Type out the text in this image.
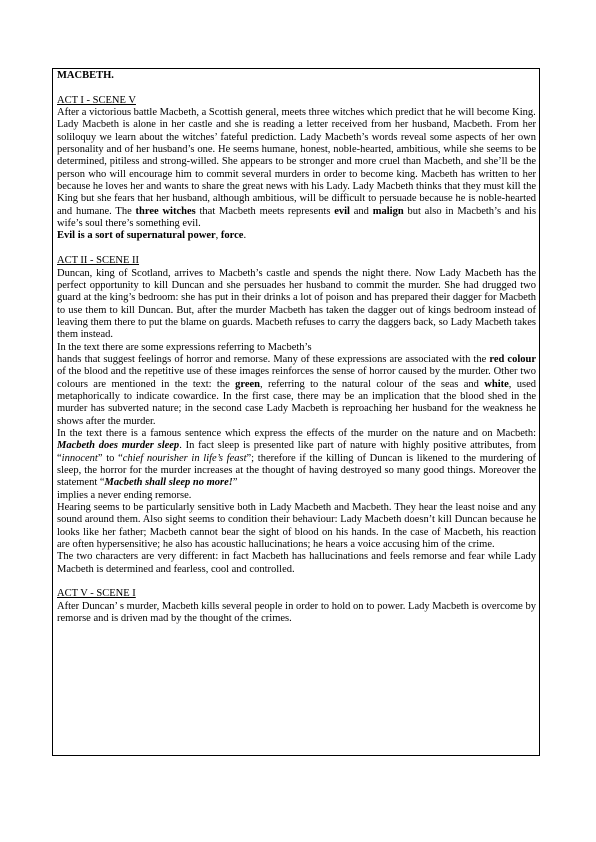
MACBETH.

ACT I - SCENE V

After a victorious battle Macbeth, a Scottish general, meets three witches which predict that he will become King.

Lady Macbeth is alone in her castle and she is reading a letter received from her husband, Macbeth. From her soliloquy we learn about the witches’ fateful prediction. Lady Macbeth’s words reveal some aspects of her own personality and of her husband’s one. He seems humane, honest, noble-hearted, ambitious, while she seems to be determined, pitiless and strong-willed. She appears to be stronger and more cruel than Macbeth, and she’ll be the person who will encourage him to commit several murders in order to become king. Macbeth has written to her because he loves her and wants to share the great news with his Lady. Lady Macbeth thinks that they must kill the King but she fears that her husband, although ambitious, will be difficult to persuade because he is noble-hearted and humane. The three witches that Macbeth meets represents evil and malign but also in Macbeth’s and his wife’s soul there’s something evil.

Evil is a sort of supernatural power, force.

ACT II - SCENE II

Duncan, king of Scotland, arrives to Macbeth’s castle and spends the night there. Now Lady Macbeth has the perfect opportunity to kill Duncan and she persuades her husband to commit the murder. She had drugged two guard at the king’s bedroom: she has put in their drinks a lot of poison and has prepared their dagger for Macbeth to use them to kill Duncan. But, after the murder Macbeth has taken the dagger out of kings bedroom instead of leaving them there to put the blame on guards. Macbeth refuses to carry the daggers back, so Lady Macbeth takes them instead.

In the text there are some expressions referring to Macbeth’s

hands that suggest feelings of horror and remorse. Many of these expressions are associated with the red colour of the blood and the repetitive use of these images reinforces the sense of horror caused by the murder. Other two colours are mentioned in the text: the green, referring to the natural colour of the seas and white, used metaphorically to indicate cowardice. In the first case, there may be an implication that the blood shed in the murder has subverted nature; in the second case Lady Macbeth is reproaching her husband for the weakness he shows after the murder.

In the text there is a famous sentence which express the effects of the murder on the nature and on Macbeth: Macbeth does murder sleep. In fact sleep is presented like part of nature with highly positive attributes, from “innocent” to “chief nourisher in life’s feast”; therefore if the killing of Duncan is likened to the murdering of sleep, the horror for the murder increases at the thought of having destroyed so many good things. Moreover the statement “Macbeth shall sleep no more!”

implies a never ending remorse.

Hearing seems to be particularly sensitive both in Lady Macbeth and Macbeth. They hear the least noise and any sound around them. Also sight seems to condition their behaviour: Lady Macbeth doesn’t kill Duncan because he looks like her father; Macbeth cannot bear the sight of blood on his hands. In the case of Macbeth, his reaction are often hypersensitive; he also has acoustic hallucinations; he hears a voice accusing him of the crime.

The two characters are very different: in fact Macbeth has hallucinations and feels remorse and fear while Lady Macbeth is determined and fearless, cool and controlled.

ACT V - SCENE I

After Duncan’ s murder, Macbeth kills several people in order to hold on to power. Lady Macbeth is overcome by remorse and is driven mad by the thought of the crimes.
